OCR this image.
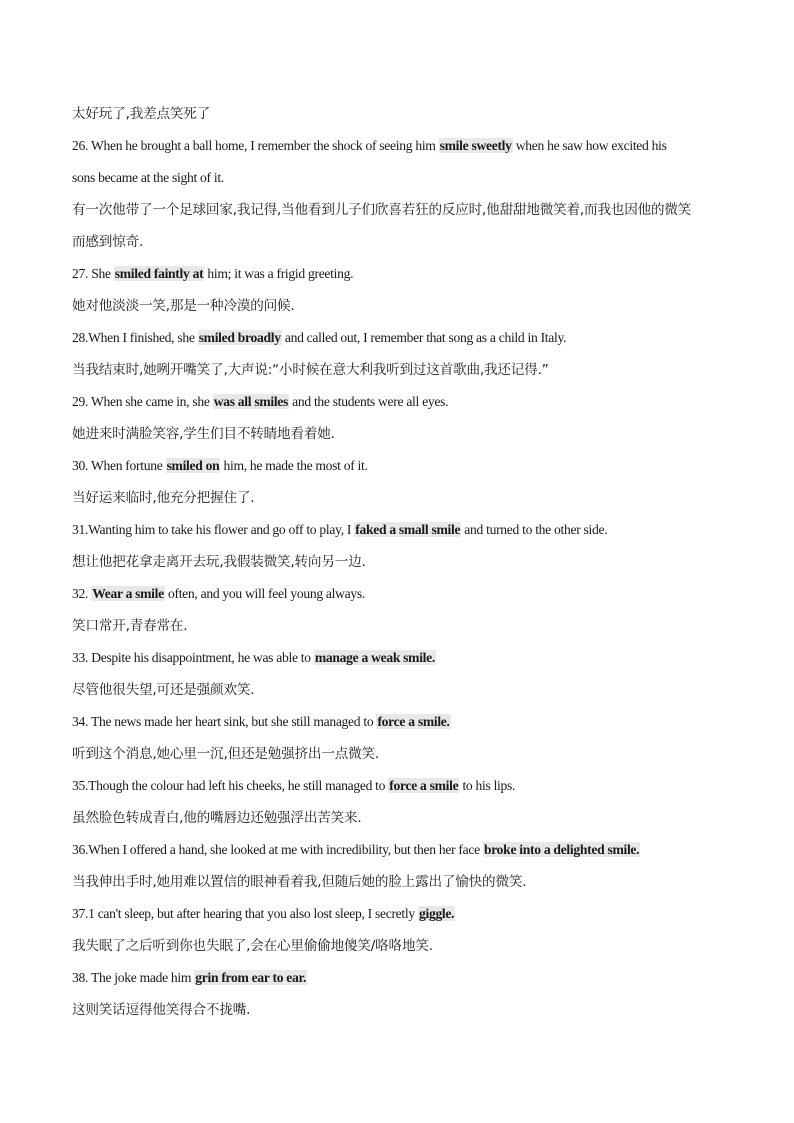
太好玩了,我差点笑死了
26. When he brought a ball home, I remember the shock of seeing him smile sweetly when he saw how excited his
sons became at the sight of it.
有一次他带了一个足球回家,我记得,当他看到儿子们欣喜若狂的反应时,他甜甜地微笑着,而我也因他的微笑
而感到惊奇.
27. She smiled faintly at him; it was a frigid greeting.
她对他淡淡一笑,那是一种冷漠的问候.
28.When I finished, she smiled broadly and called out, I remember that song as a child in Italy.
当我结束时,她咧开嘴笑了,大声说:“小时候在意大利我听到过这首歌曲,我还记得.”
29. When she came in, she was all smiles and the students were all eyes.
她进来时满脸笑容,学生们目不转睛地看着她.
30. When fortune smiled on him, he made the most of it.
当好运来临时,他充分把握住了.
31.Wanting him to take his flower and go off to play, I faked a small smile and turned to the other side.
想让他把花拿走离开去玩,我假装微笑,转向另一边.
32. Wear a smile often, and you will feel young always.
笑口常开,青春常在.
33. Despite his disappointment, he was able to manage a weak smile.
尽管他很失望,可还是强颜欢笑.
34. The news made her heart sink, but she still managed to force a smile.
听到这个消息,她心里一沉,但还是勉强挤出一点微笑.
35.Though the colour had left his cheeks, he still managed to force a smile to his lips.
虽然脸色转成青白,他的嘴唇边还勉强浮出苦笑来.
36.When I offered a hand, she looked at me with incredibility, but then her face broke into a delighted smile.
当我伸出手时,她用难以置信的眼神看着我,但随后她的脸上露出了愉快的微笑.
37.1 can't sleep, but after hearing that you also lost sleep, I secretly giggle.
我失眠了之后听到你也失眠了,会在心里偷偷地傻笑/咯咯地笑.
38. The joke made him grin from ear to ear.
这则笑话逗得他笑得合不拢嘴.
